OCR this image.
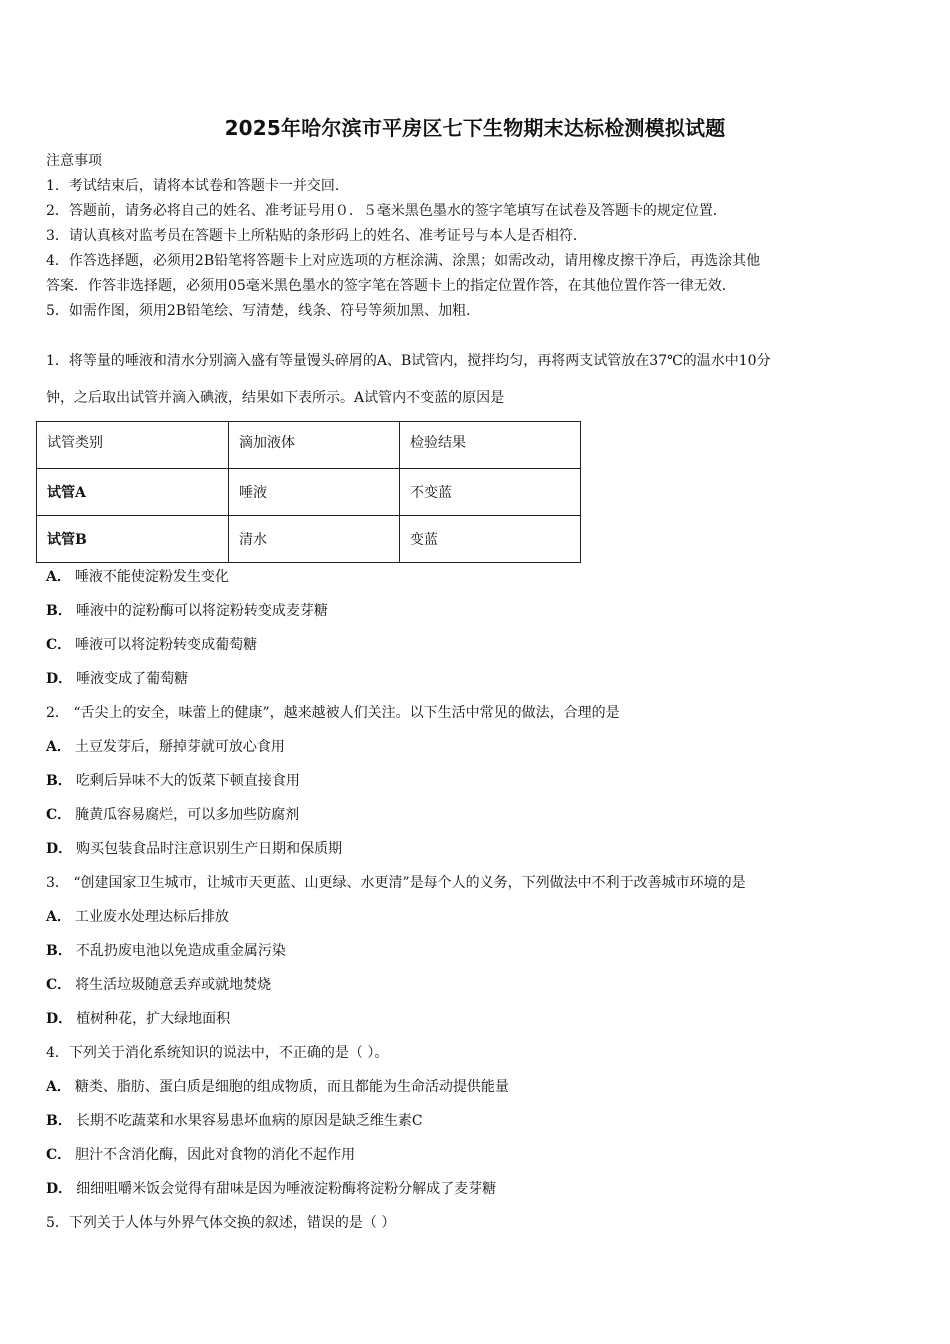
2025年哈尔滨市平房区七下生物期末达标检测模拟试题
注意事项
1．考试结束后，请将本试卷和答题卡一并交回．
2．答题前，请务必将自己的姓名、准考证号用０．５毫米黑色墨水的签字笔填写在试卷及答题卡的规定位置．
3．请认真核对监考员在答题卡上所粘贴的条形码上的姓名、准考证号与本人是否相符．
4．作答选择题，必须用2B铅笔将答题卡上对应选项的方框涂满、涂黑；如需改动，请用橡皮擦干净后，再选涂其他
答案．作答非选择题，必须用05毫米黑色墨水的签字笔在答题卡上的指定位置作答，在其他位置作答一律无效．
5．如需作图，须用2B铅笔绘、写清楚，线条、符号等须加黑、加粗．
1．将等量的唾液和清水分别滴入盛有等量馒头碎屑的A、B试管内，搅拌均匀，再将两支试管放在37℃的温水中10分
钟，之后取出试管并滴入碘液，结果如下表所示。A试管内不变蓝的原因是
试管类别	滴加液体	检验结果
试管A	唾液	不变蓝
试管B	清水	变蓝
A． 唾液不能使淀粉发生变化
B． 唾液中的淀粉酶可以将淀粉转变成麦芽糖
C． 唾液可以将淀粉转变成葡萄糖
D． 唾液变成了葡萄糖
2． “舌尖上的安全，味蕾上的健康”，越来越被人们关注。以下生活中常见的做法，合理的是
A． 土豆发芽后，掰掉芽就可放心食用
B． 吃剩后异味不大的饭菜下顿直接食用
C． 腌黄瓜容易腐烂，可以多加些防腐剂
D． 购买包装食品时注意识别生产日期和保质期
3． “创建国家卫生城市，让城市天更蓝、山更绿、水更清”是每个人的义务，下列做法中不利于改善城市环境的是
A． 工业废水处理达标后排放
B． 不乱扔废电池以免造成重金属污染
C． 将生活垃圾随意丢弃或就地焚烧
D． 植树种花，扩大绿地面积
4．下列关于消化系统知识的说法中，不正确的是（ ）。
A． 糖类、脂肪、蛋白质是细胞的组成物质，而且都能为生命活动提供能量
B． 长期不吃蔬菜和水果容易患坏血病的原因是缺乏维生素C
C． 胆汁不含消化酶，因此对食物的消化不起作用
D． 细细咀嚼米饭会觉得有甜味是因为唾液淀粉酶将淀粉分解成了麦芽糖
5．下列关于人体与外界气体交换的叙述，错误的是（ ）
